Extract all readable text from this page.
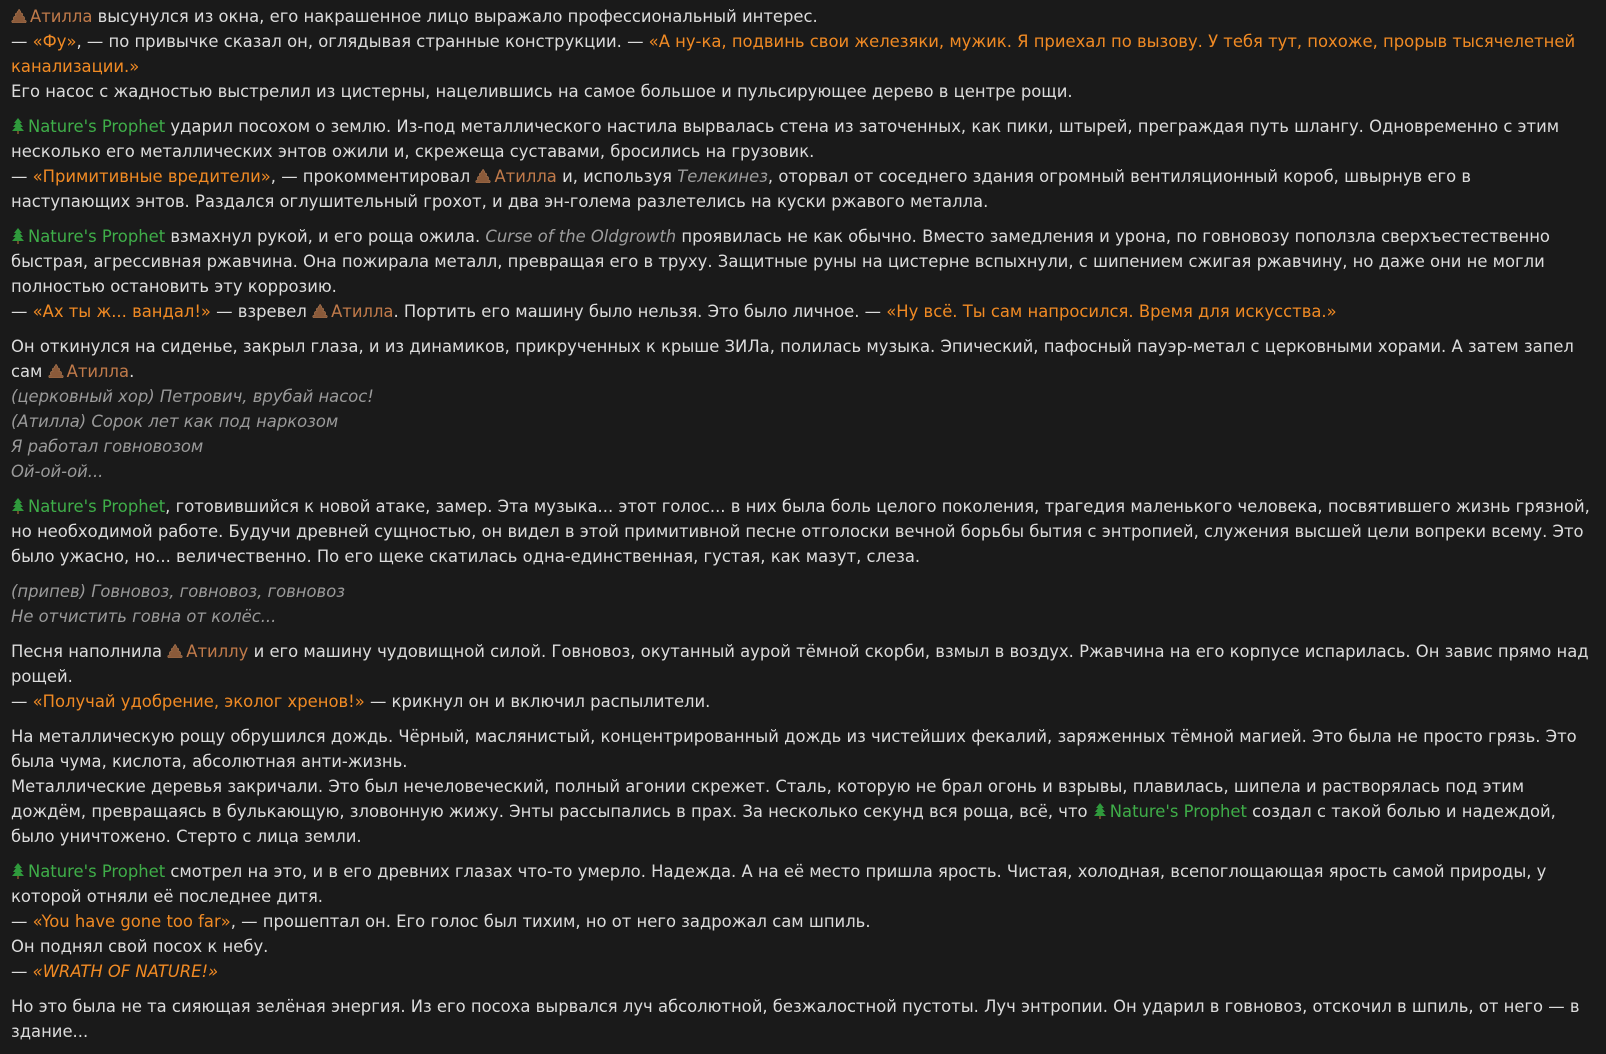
Атилла высунулся из окна, его накрашенное лицо выражало профессиональный интерес.
— «Фу», — по привычке сказал он, оглядывая странные конструкции. — «А ну-ка, подвинь свои железяки, мужик. Я приехал по вызову. У тебя тут, похоже, прорыв тысячелетней канализации.»
Его насос с жадностью выстрелил из цистерны, нацелившись на самое большое и пульсирующее дерево в центре рощи.
Nature's Prophet ударил посохом о землю. Из-под металлического настила вырвалась стена из заточенных, как пики, штырей, преграждая путь шлангу. Одновременно с этим несколько его металлических энтов ожили и, скрежеща суставами, бросились на грузовик.
— «Примитивные вредители», — прокомментировал Атилла и, используя Телекинез, оторвал от соседнего здания огромный вентиляционный короб, швырнув его в наступающих энтов. Раздался оглушительный грохот, и два эн-голема разлетелись на куски ржавого металла.
Nature's Prophet взмахнул рукой, и его роща ожила. Curse of the Oldgrowth проявилась не как обычно. Вместо замедления и урона, по говновозу поползла сверхъестественно быстрая, агрессивная ржавчина. Она пожирала металл, превращая его в труху. Защитные руны на цистерне вспыхнули, с шипением сжигая ржавчину, но даже они не могли полностью остановить эту коррозию.
— «Ах ты ж... вандал!» — взревел Атилла. Портить его машину было нельзя. Это было личное. — «Ну всё. Ты сам напросился. Время для искусства.»
Он откинулся на сиденье, закрыл глаза, и из динамиков, прикрученных к крыше ЗИЛа, полилась музыка. Эпический, пафосный пауэр-метал с церковными хорами. А затем запел сам Атилла.
(церковный хор) Петрович, врубай насос!
(Атилла) Сорок лет как под наркозом
Я работал говновозом
Ой-ой-ой...
Nature's Prophet, готовившийся к новой атаке, замер. Эта музыка... этот голос... в них была боль целого поколения, трагедия маленького человека, посвятившего жизнь грязной, но необходимой работе. Будучи древней сущностью, он видел в этой примитивной песне отголоски вечной борьбы бытия с энтропией, служения высшей цели вопреки всему. Это было ужасно, но... величественно. По его щеке скатилась одна-единственная, густая, как мазут, слеза.
(припев) Говновоз, говновоз, говновоз
Не отчистить говна от колёс...
Песня наполнила Атиллу и его машину чудовищной силой. Говновоз, окутанный аурой тёмной скорби, взмыл в воздух. Ржавчина на его корпусе испарилась. Он завис прямо над рощей.
— «Получай удобрение, эколог хренов!» — крикнул он и включил распылители.
На металлическую рощу обрушился дождь. Чёрный, маслянистый, концентрированный дождь из чистейших фекалий, заряженных тёмной магией. Это была не просто грязь. Это была чума, кислота, абсолютная анти-жизнь.
Металлические деревья закричали. Это был нечеловеческий, полный агонии скрежет. Сталь, которую не брал огонь и взрывы, плавилась, шипела и растворялась под этим дождём, превращаясь в булькающую, зловонную жижу. Энты рассыпались в прах. За несколько секунд вся роща, всё, что Nature's Prophet создал с такой болью и надеждой, было уничтожено. Стерто с лица земли.
Nature's Prophet смотрел на это, и в его древних глазах что-то умерло. Надежда. А на её место пришла ярость. Чистая, холодная, всепоглощающая ярость самой природы, у которой отняли её последнее дитя.
— «You have gone too far», — прошептал он. Его голос был тихим, но от него задрожал сам шпиль.
Он поднял свой посох к небу.
— «WRATH OF NATURE!»
Но это была не та сияющая зелёная энергия. Из его посоха вырвался луч абсолютной, безжалостной пустоты. Луч энтропии. Он ударил в говновоз, отскочил в шпиль, от него — в здание...
